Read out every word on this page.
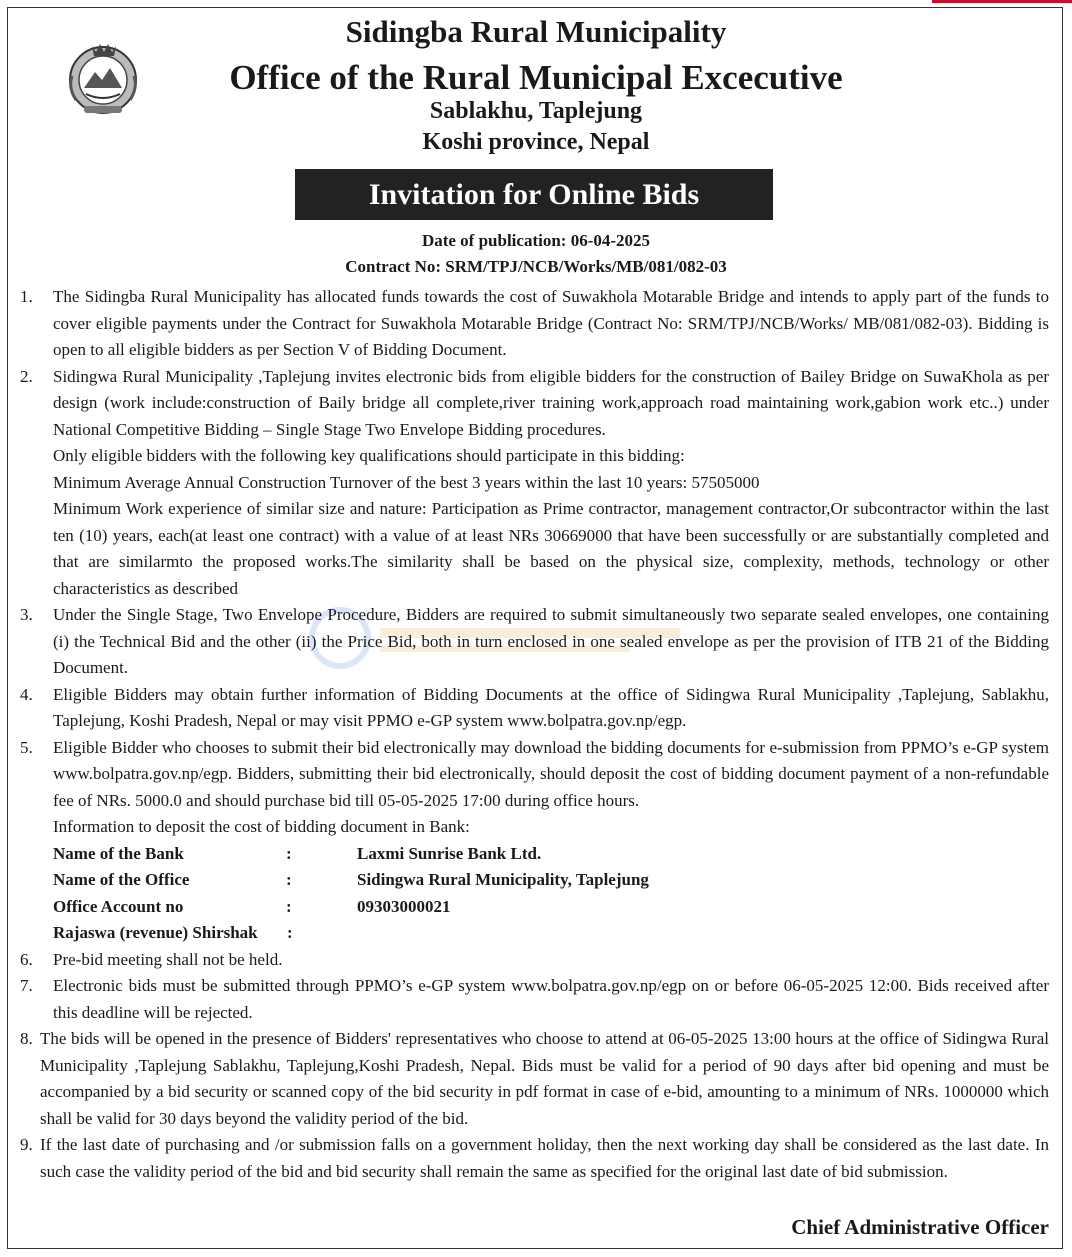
Sidingba Rural Municipality
Office of the Rural Municipal Excecutive
Sablakhu, Taplejung
Koshi province, Nepal
Invitation for Online Bids
Date of publication: 06-04-2025
Contract No: SRM/TPJ/NCB/Works/MB/081/082-03
1.	The Sidingba Rural Municipality has allocated funds towards the cost of Suwakhola Motarable Bridge and intends to apply part of the funds to cover eligible payments under the Contract for Suwakhola Motarable Bridge (Contract No: SRM/TPJ/NCB/Works/ MB/081/082-03). Bidding is open to all eligible bidders as per Section V of Bidding Document.
2.	Sidingwa Rural Municipality ,Taplejung invites electronic bids from eligible bidders for the construction of Bailey Bridge on SuwaKhola as per design (work include:construction of Baily bridge all complete,river training work,approach road maintaining work,gabion work etc..) under National Competitive Bidding – Single Stage Two Envelope Bidding procedures.
Only eligible bidders with the following key qualifications should participate in this bidding:
Minimum Average Annual Construction Turnover of the best 3 years within the last 10 years: 57505000
Minimum Work experience of similar size and nature: Participation as Prime contractor, management contractor,Or subcontractor within the last ten (10) years, each(at least one contract) with a value of at least NRs 30669000 that have been successfully or are substantially completed and that are similarmto the proposed works.The similarity shall be based on the physical size, complexity, methods, technology or other characteristics as described
3.	Under the Single Stage, Two Envelope Procedure, Bidders are required to submit simultaneously two separate sealed envelopes, one containing (i) the Technical Bid and the other (ii) the Price Bid, both in turn enclosed in one sealed envelope as per the provision of ITB 21 of the Bidding Document.
4.	Eligible Bidders may obtain further information of Bidding Documents at the office of Sidingwa Rural Municipality ,Taplejung, Sablakhu, Taplejung, Koshi Pradesh, Nepal or may visit PPMO e-GP system www.bolpatra.gov.np/egp.
5.	Eligible Bidder who chooses to submit their bid electronically may download the bidding documents for e-submission from PPMO’s e-GP system www.bolpatra.gov.np/egp. Bidders, submitting their bid electronically, should deposit the cost of bidding document payment of a non-refundable fee of NRs. 5000.0 and should purchase bid till 05-05-2025 17:00 during office hours.
Information to deposit the cost of bidding document in Bank:
Name of the Bank	:	Laxmi Sunrise Bank Ltd.
Name of the Office	:	Sidingwa Rural Municipality, Taplejung
Office Account no	:	09303000021
Rajaswa (revenue) Shirshak	:
6.	Pre-bid meeting shall not be held.
7.	Electronic bids must be submitted through PPMO’s e-GP system www.bolpatra.gov.np/egp on or before 06-05-2025 12:00. Bids received after this deadline will be rejected.
8. The bids will be opened in the presence of Bidders' representatives who choose to attend at 06-05-2025 13:00 hours at the office of Sidingwa Rural Municipality ,Taplejung Sablakhu, Taplejung,Koshi Pradesh, Nepal. Bids must be valid for a period of 90 days after bid opening and must be accompanied by a bid security or scanned copy of the bid security in pdf format in case of e-bid, amounting to a minimum of NRs. 1000000 which shall be valid for 30 days beyond the validity period of the bid.
9. If the last date of purchasing and /or submission falls on a government holiday, then the next working day shall be considered as the last date. In such case the validity period of the bid and bid security shall remain the same as specified for the original last date of bid submission.
Chief Administrative Officer
